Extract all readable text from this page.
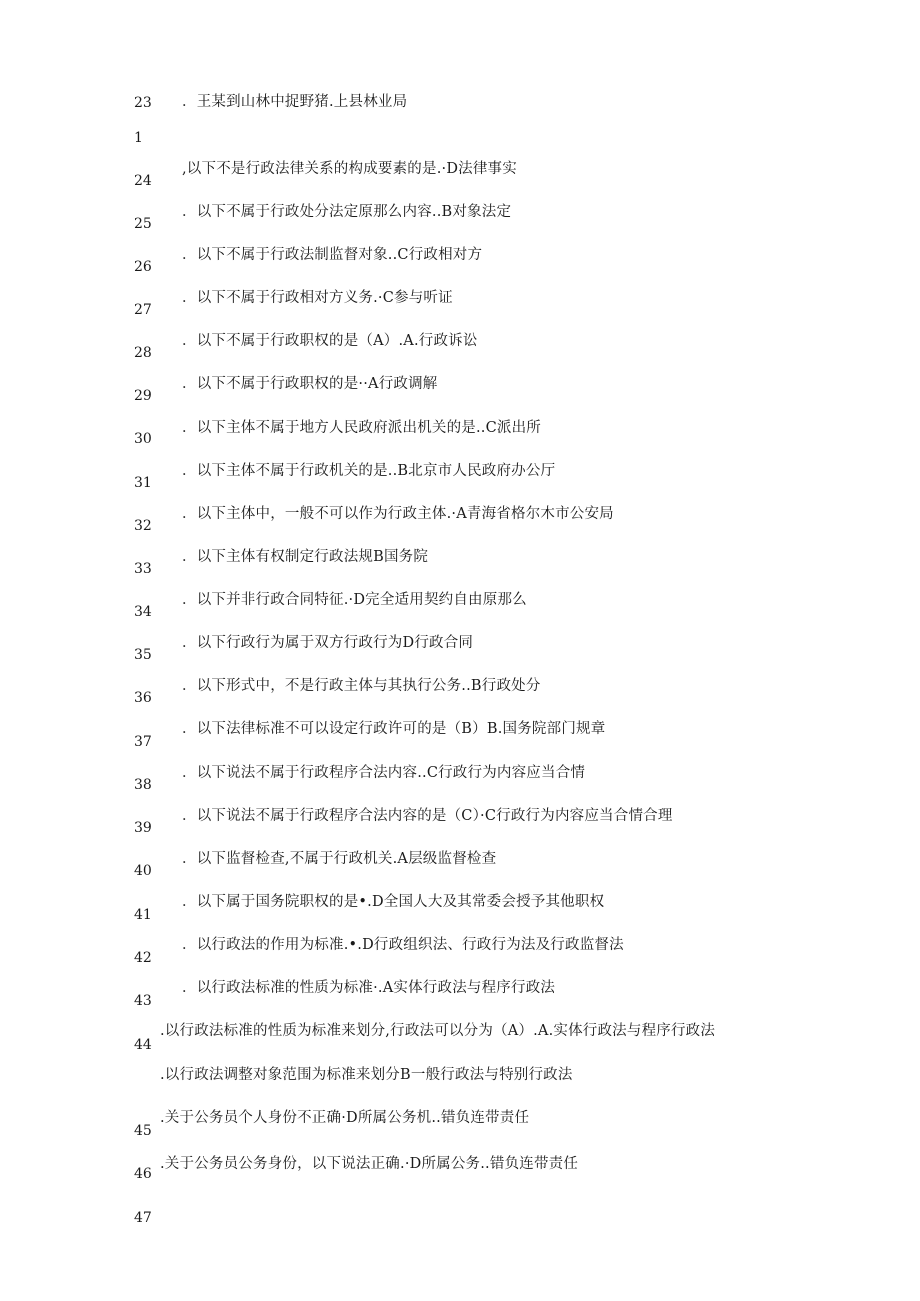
23
1
24
25
26
27
28
29
30
31
32
33
34
35
36
37
38
39
40
41
42
43
44
45
46
47
．王某到山林中捉野猪.上县林业局
,以下不是行政法律关系的构成要素的是.·D法律事实
．以下不属于行政处分法定原那么内容..B对象法定
．以下不属于行政法制监督对象..C行政相对方
．以下不属于行政相对方义务.·C参与听证
．以下不属于行政职权的是（A）.A.行政诉讼
．以下不属于行政职权的是··A行政调解
．以下主体不属于地方人民政府派出机关的是..C派出所
．以下主体不属于行政机关的是..B北京市人民政府办公厅
．以下主体中，一般不可以作为行政主体.·A青海省格尔木市公安局
．以下主体有权制定行政法规B国务院
．以下并非行政合同特征.·D完全适用契约自由原那么
．以下行政行为属于双方行政行为D行政合同
．以下形式中，不是行政主体与其执行公务..B行政处分
．以下法律标准不可以设定行政许可的是（B）B.国务院部门规章
．以下说法不属于行政程序合法内容..C行政行为内容应当合情
．以下说法不属于行政程序合法内容的是（C）·C行政行为内容应当合情合理
．以下监督检查,不属于行政机关.A层级监督检查
．以下属于国务院职权的是•.D全国人大及其常委会授予其他职权
．以行政法的作用为标准.•.D行政组织法、行政行为法及行政监督法
．以行政法标准的性质为标准·.A实体行政法与程序行政法
.以行政法标准的性质为标准来划分,行政法可以分为（A）.A.实体行政法与程序行政法
.以行政法调整对象范围为标准来划分B一般行政法与特别行政法
.关于公务员个人身份不正确·D所属公务机..错负连带责任
.关于公务员公务身份，以下说法正确.·D所属公务..错负连带责任
